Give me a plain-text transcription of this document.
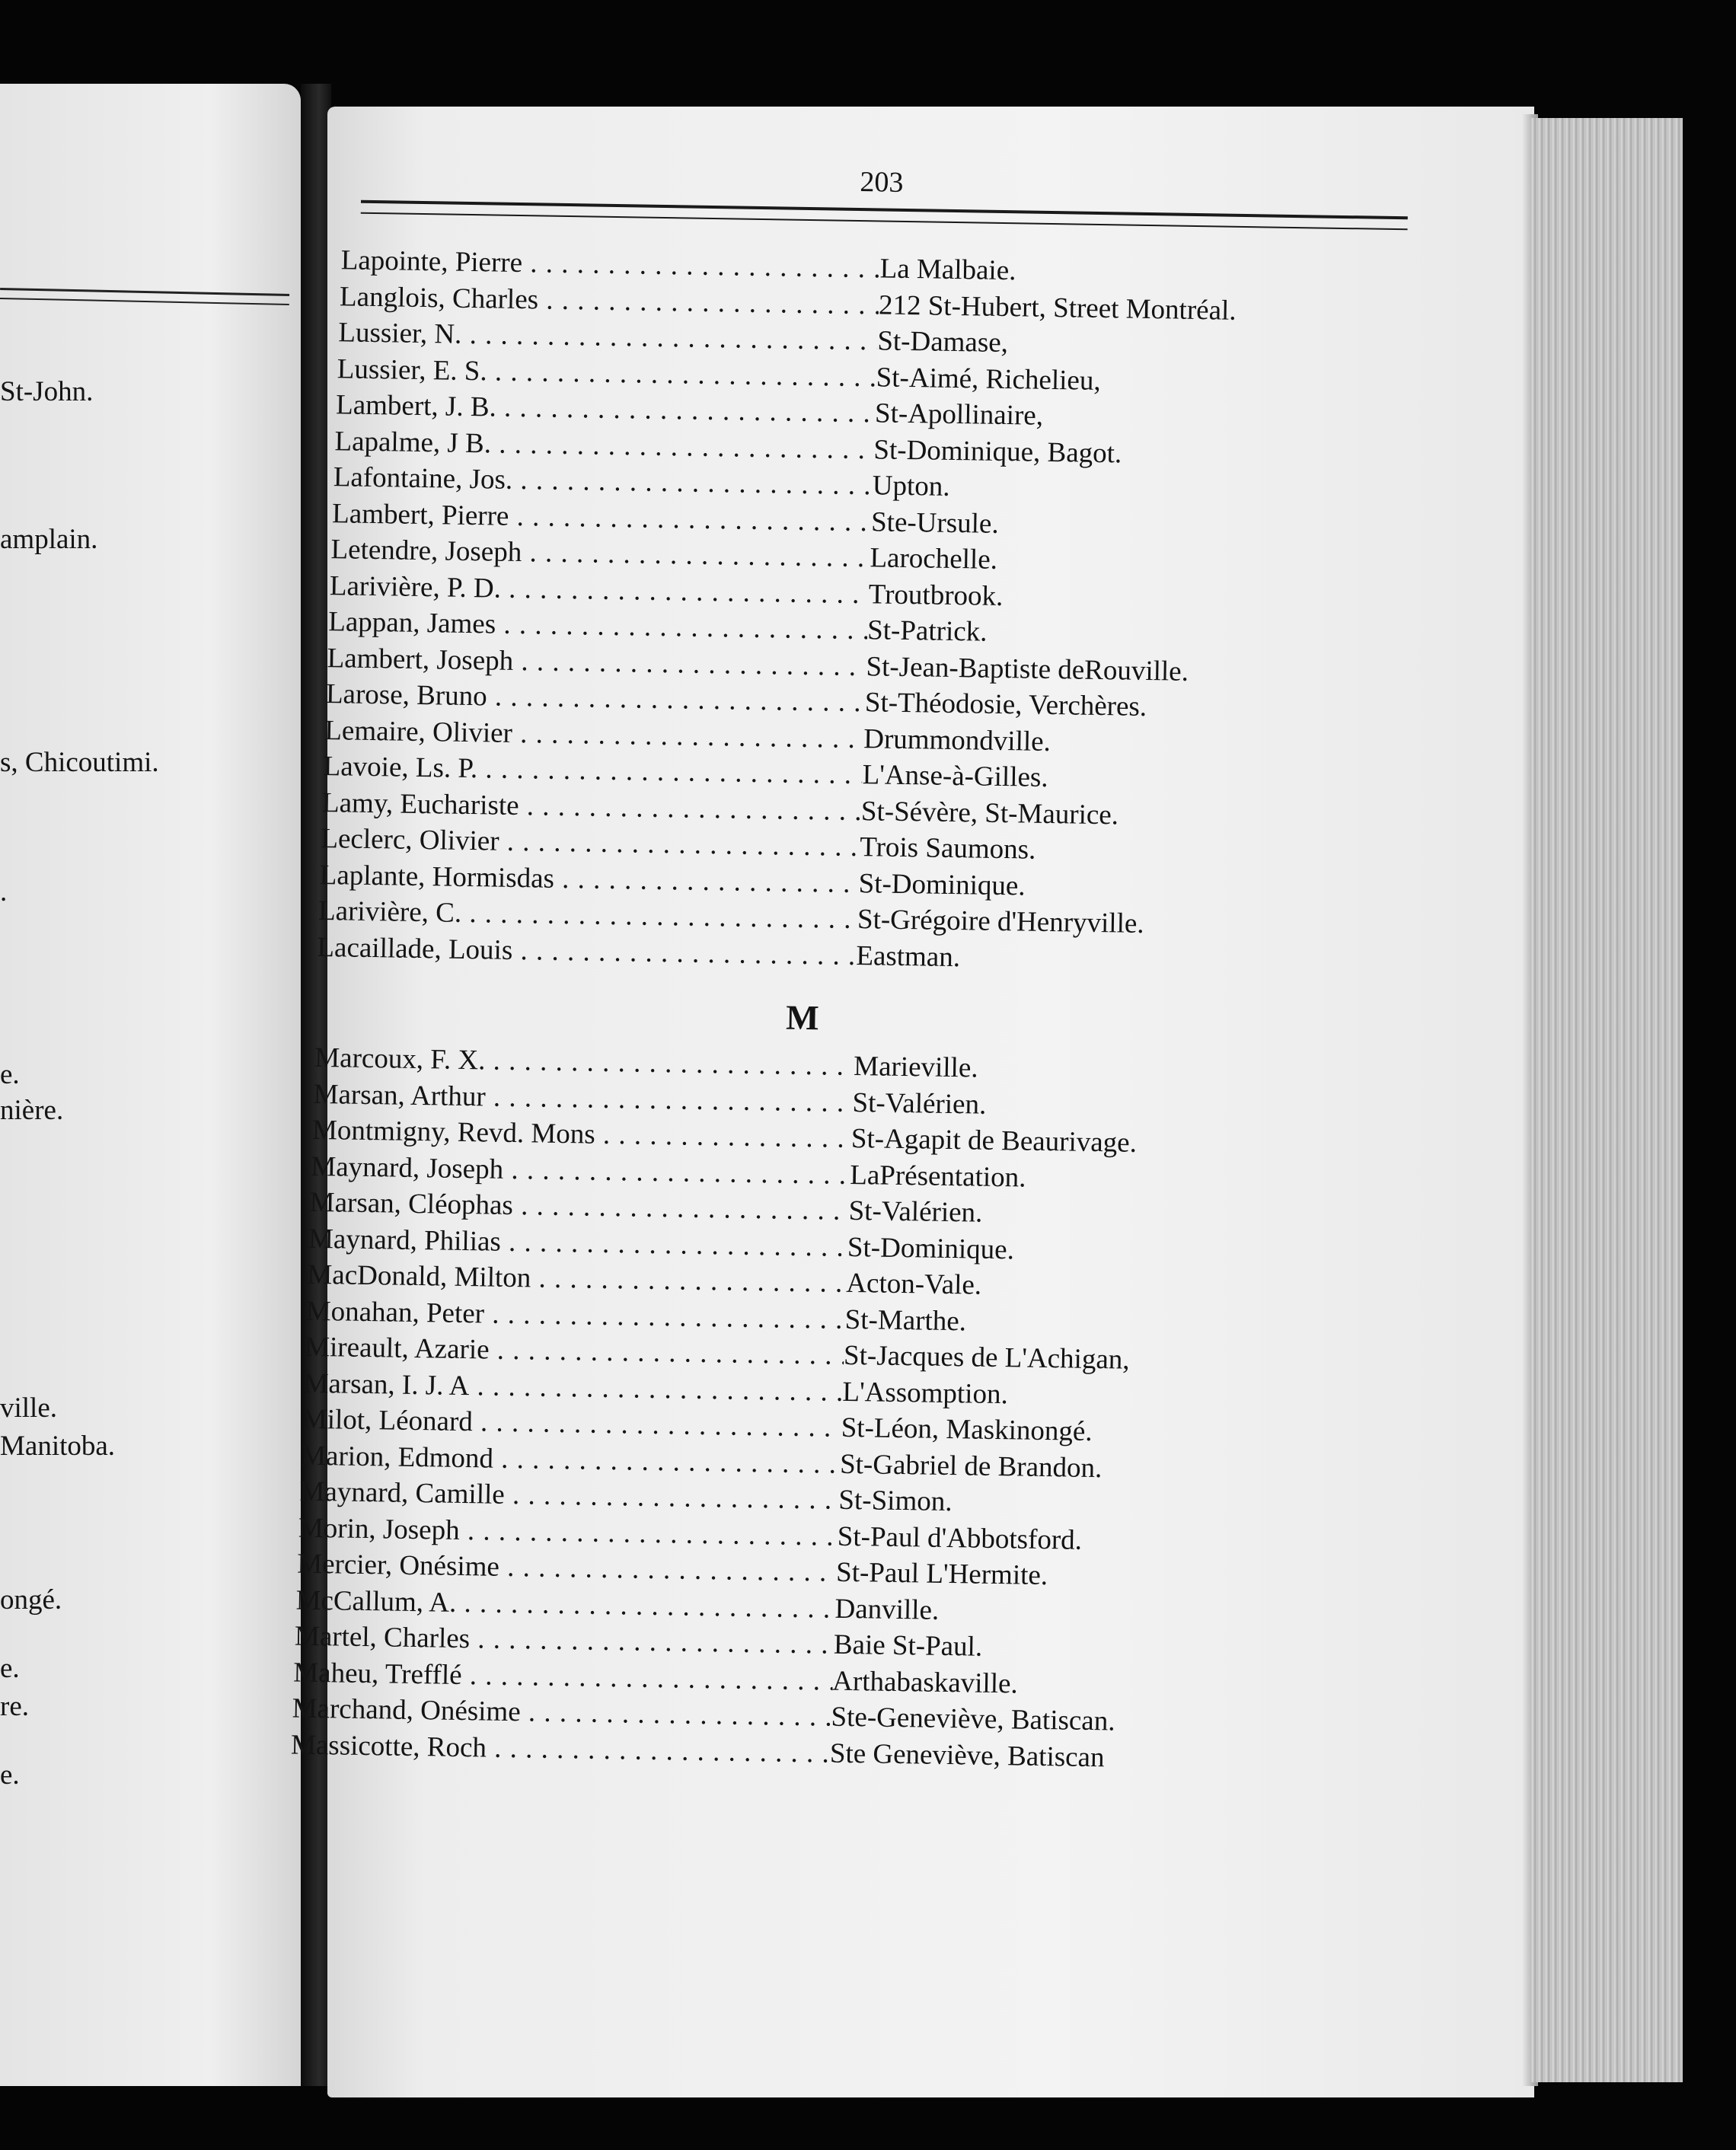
St-John.
amplain.
s, Chicoutimi.
.
e.
nière.
ville.
Manitoba.
ongé.
e.
re.
e.
203
Lapointe, Pierre . . .	La Malbaie.
Langlois, Charles . . .	212 St-Hubert, Street Montréal.
Lussier, N. . . .	St-Damase,
Lussier, E. S. . . .	St-Aimé, Richelieu,
Lambert, J. B. . . .	St-Apollinaire,
Lapalme, J B. . . .	St-Dominique, Bagot.
Lafontaine, Jos. . . .	Upton.
Lambert, Pierre . . .	Ste-Ursule.
Letendre, Joseph . . .	Larochelle.
Larivière, P. D. . . .	Troutbrook.
Lappan, James . . .	St-Patrick.
Lambert, Joseph . . .	St-Jean-Baptiste deRouville.
Larose, Bruno . . .	St-Théodosie, Verchères.
Lemaire, Olivier . . .	Drummondville.
Lavoie, Ls. P. . . .	L'Anse-à-Gilles.
Lamy, Eucharistе . . .	St-Sévère, St-Maurice.
Leclerc, Olivier . . .	Trois Saumons.
Laplante, Hormisdas . . .	St-Dominique.
Larivière, C. . . .	St-Grégoire d'Henryville.
Lacaillade, Louis . . .	Eastman.
M
Marcoux, F. X. . . .	Marieville.
Marsan, Arthur . . .	St-Valérien.
Montmigny, Revd. Mons . . .	St-Agapit de Beaurivage.
Maynard, Joseph . . .	LaPrésentation.
Marsan, Cléophas . . .	St-Valérien.
Maynard, Philias . . .	St-Dominique.
MacDonald, Milton . . .	Acton-Vale.
Monahan, Peter . . .	St-Marthe.
Mireault, Azarie . . .	St-Jacques de L'Achigan,
Marsan, I. J. A . . .	L'Assomption.
Milot, Léonard . . .	St-Léon, Maskinongé.
Marion, Edmond . . .	St-Gabriel de Brandon.
Maynard, Camille . . .	St-Simon.
Morin, Joseph . . .	St-Paul d'Abbotsford.
Mercier, Onésime . . .	St-Paul L'Hermite.
McCallum, A. . . .	Danville.
Martel, Charles . . .	Baie St-Paul.
Maheu, Trefflé . . .	Arthabaskaville.
Marchand, Onésime . . .	Ste-Geneviève, Batiscan.
Massicotte, Roch . . .	Ste Geneviève, Batiscan
